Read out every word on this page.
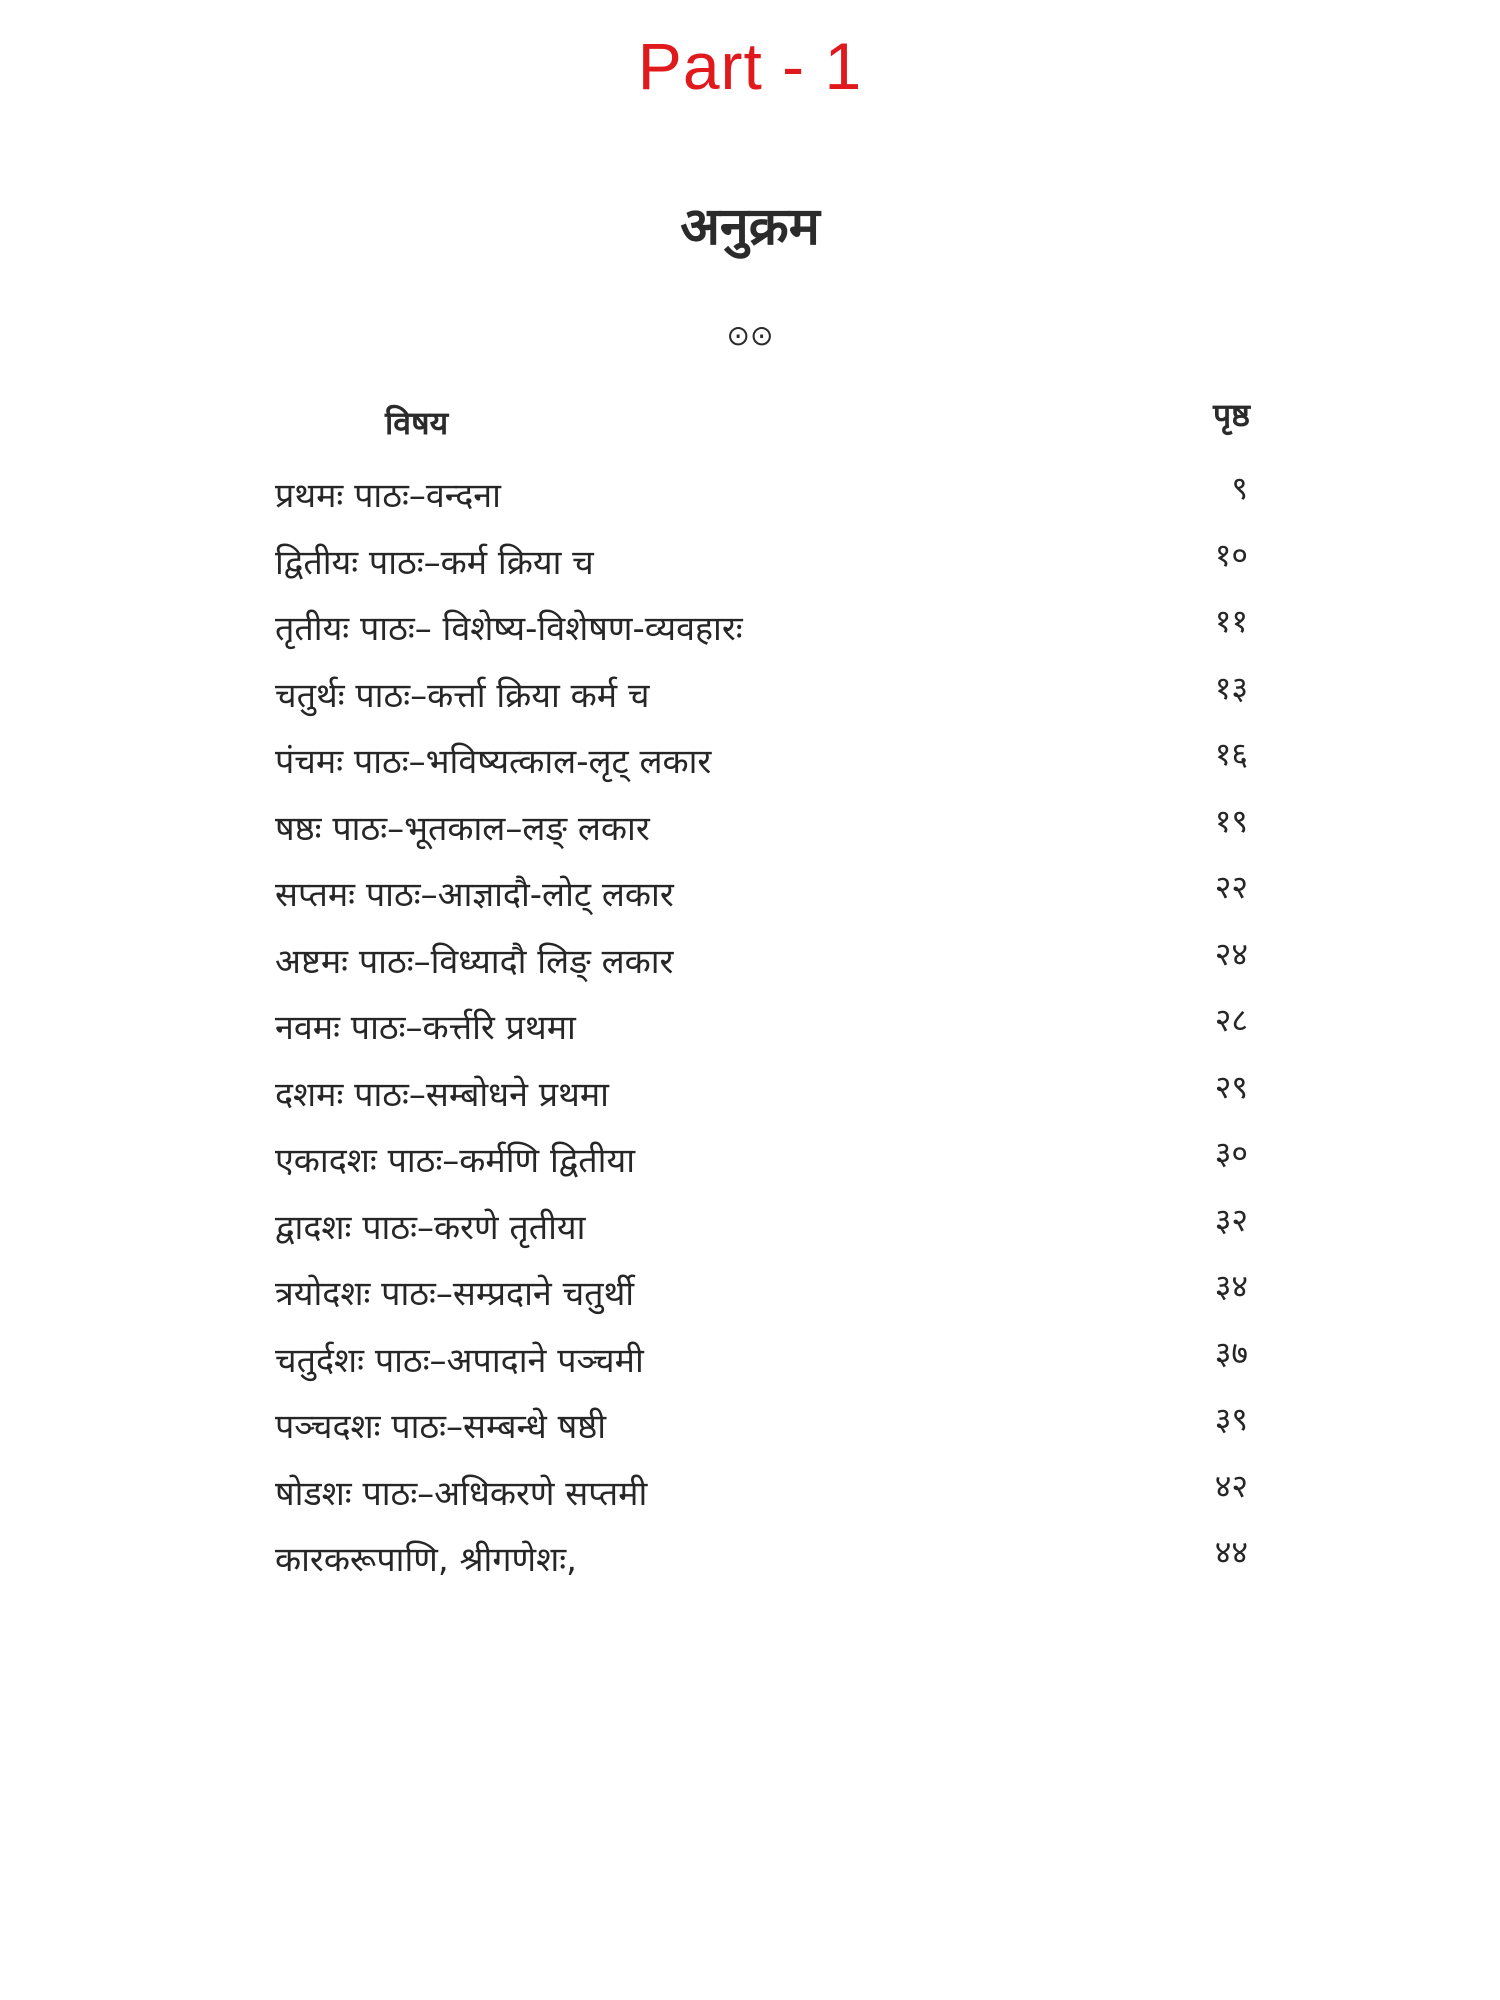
Part - 1
अनुक्रम
⊙⊙
विषय	पृष्ठ
प्रथमः पाठः–वन्दना	९
द्वितीयः पाठः–कर्म क्रिया च	१०
तृतीयः पाठः– विशेष्य-विशेषण-व्यवहारः	११
चतुर्थः पाठः–कर्त्ता क्रिया कर्म च	१३
पंचमः पाठः–भविष्यत्काल-लृट् लकार	१६
षष्ठः पाठः–भूतकाल–लङ् लकार	१९
सप्तमः पाठः–आज्ञादौ-लोट् लकार	२२
अष्टमः पाठः–विध्यादौ लिङ् लकार	२४
नवमः पाठः–कर्त्तरि प्रथमा	२८
दशमः पाठः–सम्बोधने प्रथमा	२९
एकादशः पाठः–कर्मणि द्वितीया	३०
द्वादशः पाठः–करणे तृतीया	३२
त्रयोदशः पाठः–सम्प्रदाने चतुर्थी	३४
चतुर्दशः पाठः–अपादाने पञ्चमी	३७
पञ्चदशः पाठः–सम्बन्धे षष्ठी	३९
षोडशः पाठः–अधिकरणे सप्तमी	४२
कारकरूपाणि, श्रीगणेशः,	४४
